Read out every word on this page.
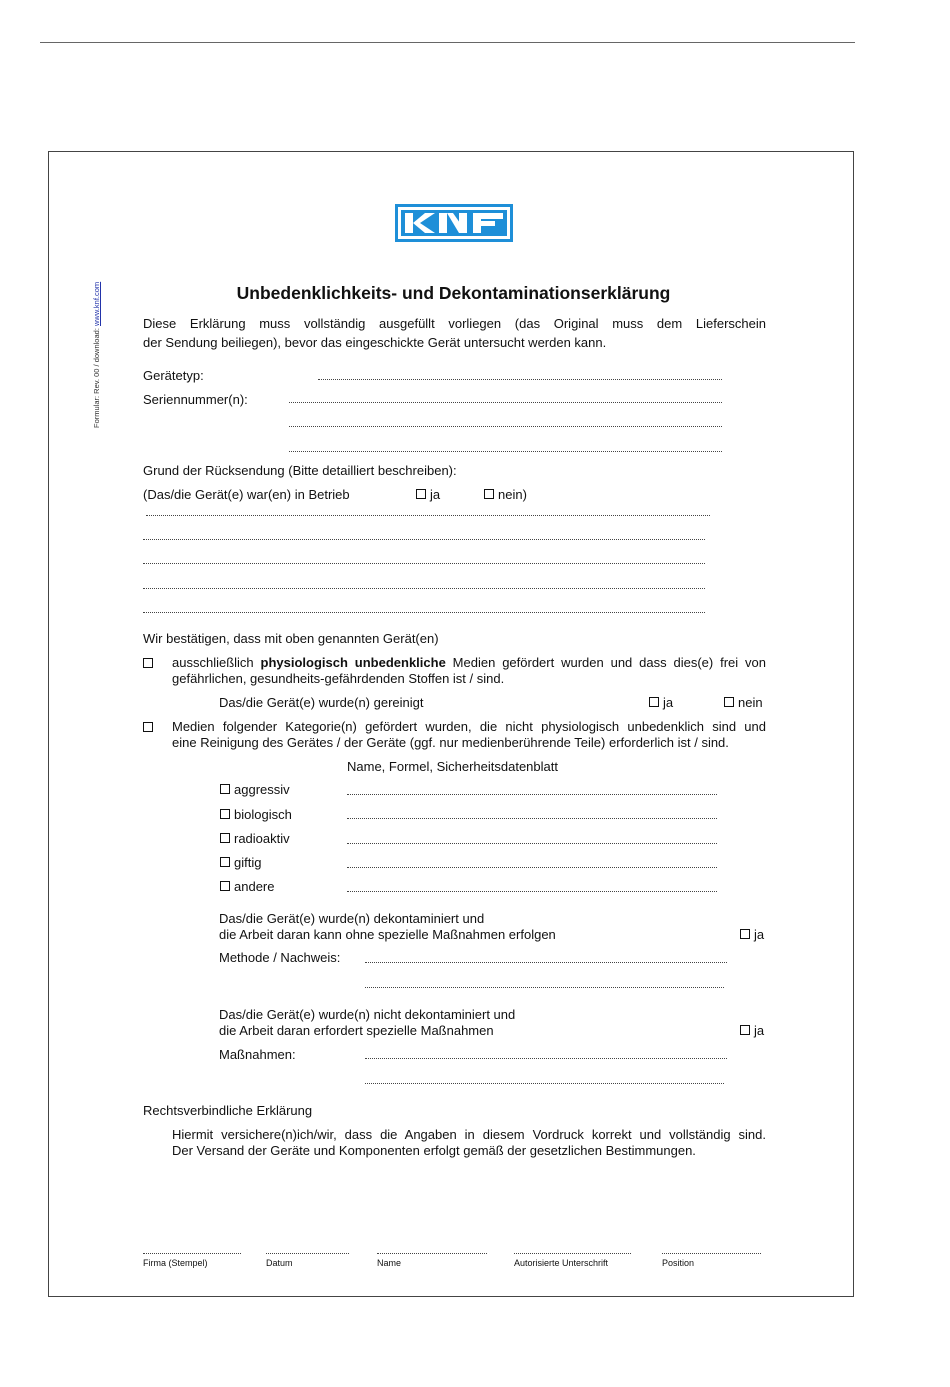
Formular: Rev. 00 / download: www.knf.com	Unbedenklichkeits- und Dekontaminationserklärung
Diese Erklärung muss vollständig ausgefüllt vorliegen (das Original muss dem Lieferschein
der Sendung beiliegen), bevor das eingeschickte Gerät untersucht werden kann.
Gerätetyp:
Seriennummer(n):
Grund der Rücksendung (Bitte detailliert beschreiben):
(Das/die Gerät(e) war(en) in Betrieb	ja	nein)
Wir bestätigen, dass mit oben genannten Gerät(en)
ausschließlich physiologisch unbedenkliche Medien gefördert wurden und dass dies(e) frei von
gefährlichen, gesundheits-gefährdenden Stoffen ist / sind.
Das/die Gerät(e) wurde(n) gereinigt	ja	nein
Medien folgender Kategorie(n) gefördert wurden, die nicht physiologisch unbedenklich sind und
eine Reinigung des Gerätes / der Geräte (ggf. nur medienberührende Teile) erforderlich ist / sind.
Name, Formel, Sicherheitsdatenblatt
aggressiv
biologisch
radioaktiv
giftig
andere
Das/die Gerät(e) wurde(n) dekontaminiert und
die Arbeit daran kann ohne spezielle Maßnahmen erfolgen	ja
Methode / Nachweis:
Das/die Gerät(e) wurde(n) nicht dekontaminiert und
die Arbeit daran erfordert spezielle Maßnahmen	ja
Maßnahmen:
Rechtsverbindliche Erklärung
Hiermit versichere(n)ich/wir, dass die Angaben in diesem Vordruck korrekt und vollständig sind.
Der Versand der Geräte und Komponenten erfolgt gemäß der gesetzlichen Bestimmungen.
Firma (Stempel)	Datum	Name	Autorisierte Unterschrift	Position
